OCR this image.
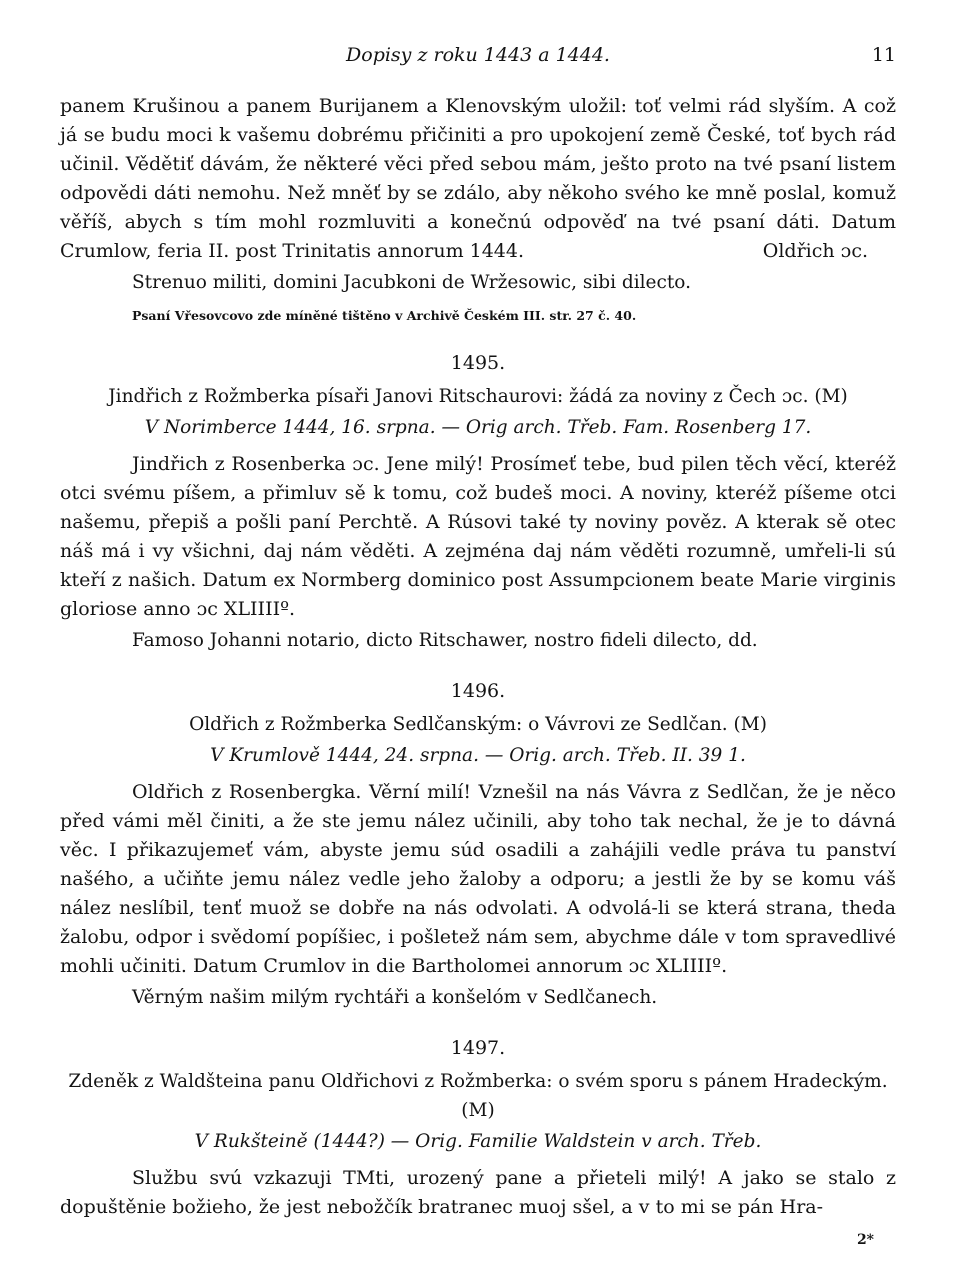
Dopisy z roku 1443 a 1444.	11

panem Krušinou a panem Burijanem a Klenovským uložil: toť velmi rád slyším. A což já se budu moci k vašemu dobrému přičiniti a pro upokojení země České, toť bych rád učinil. Vědětiť dávám, že některé věci před sebou mám, ješto proto na tvé psaní listem odpovědi dáti nemohu. Než mněť by se zdálo, aby někoho svého ke mně poslal, komuž věříš, abych s tím mohl rozmluviti a konečnú odpověď na tvé psaní dáti. Datum Crumlow, feria II. post Trinitatis annorum 1444.	Oldřich ɔc.

Strenuo militi, domini Jacubkoni de Wržesowic, sibi dilecto.

Psaní Vřesovcovo zde míněné tištěno v Archivě Českém III. str. 27 č. 40.

1495.

Jindřich z Rožmberka písaři Janovi Ritschaurovi: žádá za noviny z Čech ɔc. (M)

V Norimberce 1444, 16. srpna. — Orig arch. Třeb. Fam. Rosenberg 17.

Jindřich z Rosenberka ɔc. Jene milý! Prosímeť tebe, bud pilen těch věcí, kteréž otci svému píšem, a přimluv sě k tomu, což budeš moci. A noviny, kteréž píšeme otci našemu, přepiš a pošli paní Perchtě. A Rúsovi také ty noviny pověz. A kterak sě otec náš má i vy všichni, daj nám věděti. A zejména daj nám věděti rozumně, umřeli-li sú kteří z našich. Datum ex Normberg dominico post Assumpcionem beate Marie virginis gloriose anno ɔc XLIIIIº.

Famoso Johanni notario, dicto Ritschawer, nostro fideli dilecto, dd.

1496.

Oldřich z Rožmberka Sedlčanským: o Vávrovi ze Sedlčan. (M)

V Krumlově 1444, 24. srpna. — Orig. arch. Třeb. II. 39 1.

Oldřich z Rosenbergka. Věrní milí! Vznešil na nás Vávra z Sedlčan, že je něco před vámi měl činiti, a že ste jemu nález učinili, aby toho tak nechal, že je to dávná věc. I přikazujemeť vám, abyste jemu súd osadili a zahájili vedle práva tu panství našého, a učiňte jemu nález vedle jeho žaloby a odporu; a jestli že by se komu váš nález neslíbil, tenť muož se dobře na nás odvolati. A odvolá-li se která strana, theda žalobu, odpor i svědomí popíšiec, i pošletež nám sem, abychme dále v tom spravedlivé mohli učiniti. Datum Crumlov in die Bartholomei annorum ɔc XLIIIIº.

Věrným našim milým rychtáři a konšelóm v Sedlčanech.

1497.

Zdeněk z Waldšteina panu Oldřichovi z Rožmberka: o svém sporu s pánem Hradeckým. (M)

V Rukšteině (1444?) — Orig. Familie Waldstein v arch. Třeb.

Službu svú vzkazuji TMti, urozený pane a přieteli milý! A jako se stalo z dopuštěnie božieho, že jest nebožčík bratranec muoj sšel, a v to mi se pán Hra-

2*
